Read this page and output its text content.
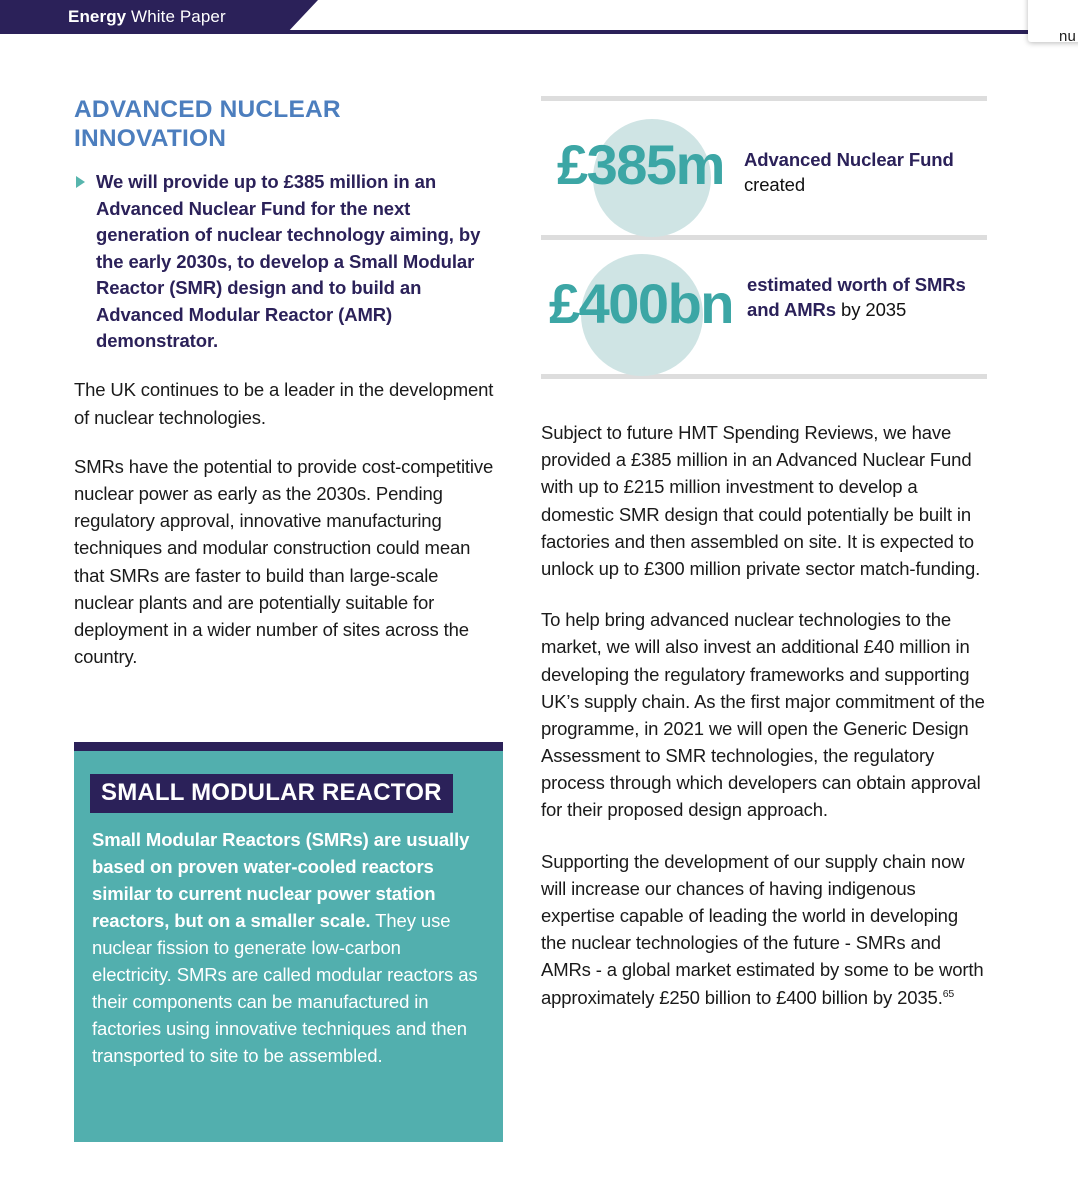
Energy White Paper
nu
ADVANCED NUCLEAR INNOVATION
We will provide up to £385 million in an Advanced Nuclear Fund for the next generation of nuclear technology aiming, by the early 2030s, to develop a Small Modular Reactor (SMR) design and to build an Advanced Modular Reactor (AMR) demonstrator.

The UK continues to be a leader in the development of nuclear technologies.

SMRs have the potential to provide cost-competitive nuclear power as early as the 2030s. Pending regulatory approval, innovative manufacturing techniques and modular construction could mean that SMRs are faster to build than large-scale nuclear plants and are potentially suitable for deployment in a wider number of sites across the country.

SMALL MODULAR REACTOR
Small Modular Reactors (SMRs) are usually based on proven water-cooled reactors similar to current nuclear power station reactors, but on a smaller scale. They use nuclear fission to generate low-carbon electricity. SMRs are called modular reactors as their components can be manufactured in factories using innovative techniques and then transported to site to be assembled.
£385m Advanced Nuclear Fund created
£400bn estimated worth of SMRs and AMRs by 2035

Subject to future HMT Spending Reviews, we have provided a £385 million in an Advanced Nuclear Fund with up to £215 million investment to develop a domestic SMR design that could potentially be built in factories and then assembled on site. It is expected to unlock up to £300 million private sector match-funding.

To help bring advanced nuclear technologies to the market, we will also invest an additional £40 million in developing the regulatory frameworks and supporting UK’s supply chain. As the first major commitment of the programme, in 2021 we will open the Generic Design Assessment to SMR technologies, the regulatory process through which developers can obtain approval for their proposed design approach.

Supporting the development of our supply chain now will increase our chances of having indigenous expertise capable of leading the world in developing the nuclear technologies of the future - SMRs and AMRs - a global market estimated by some to be worth approximately £250 billion to £400 billion by 2035.65
